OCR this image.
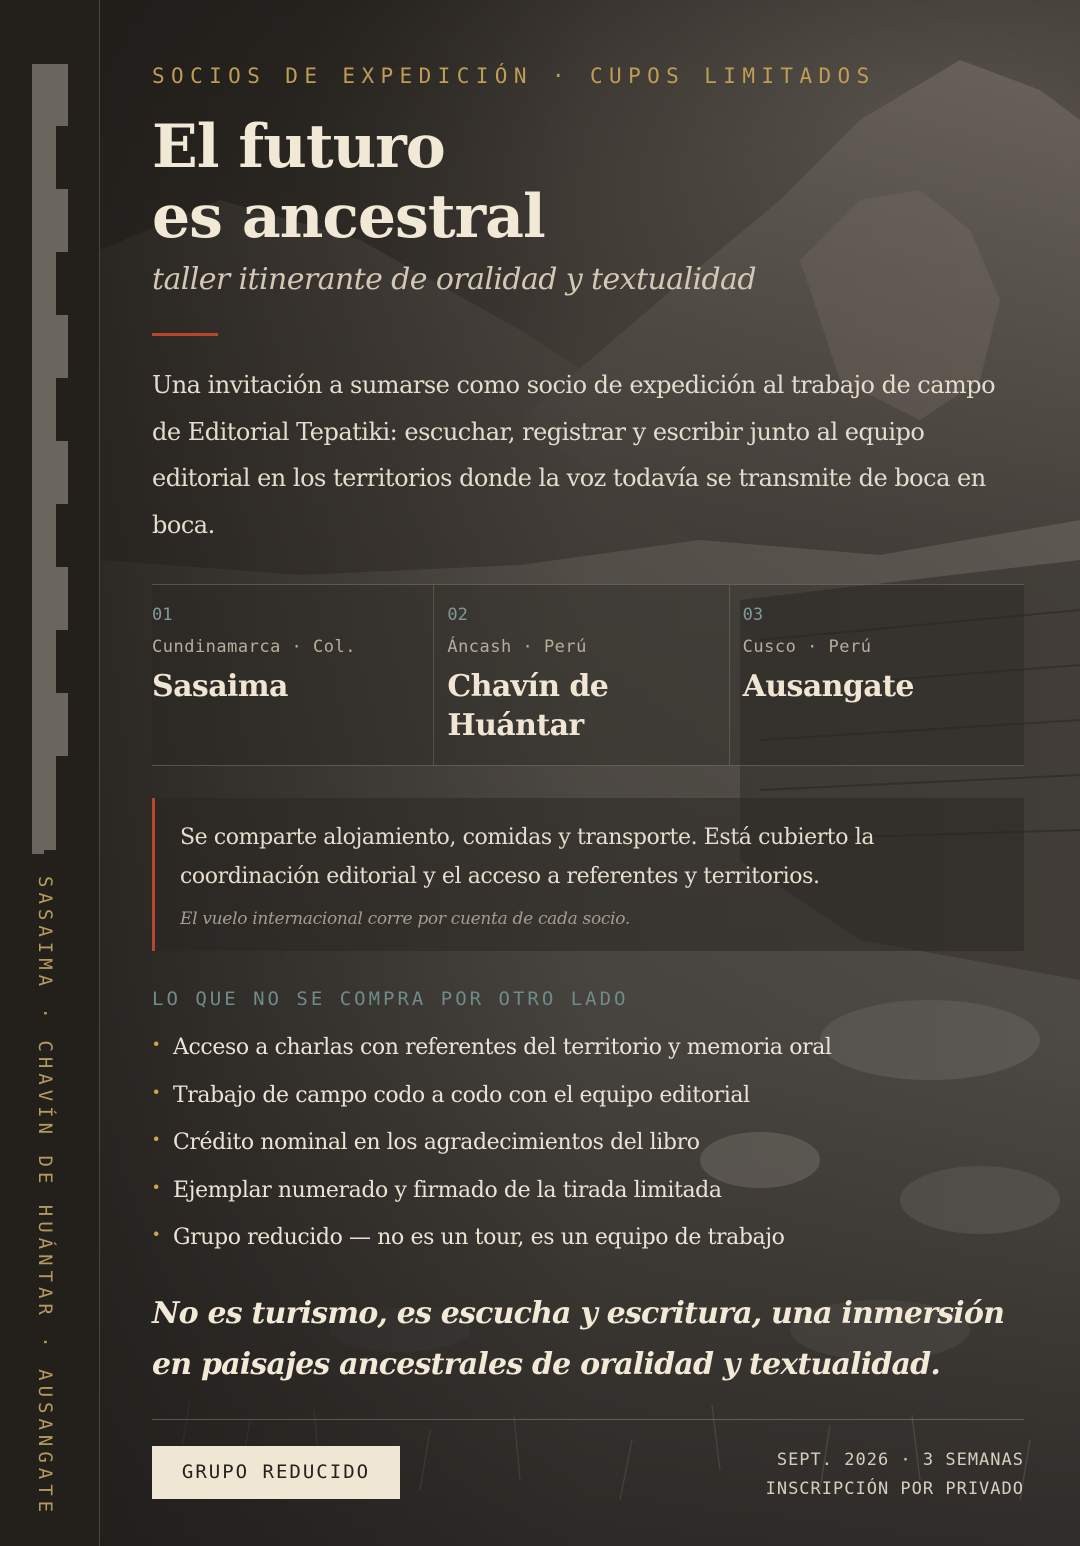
SASAIMA · CHAVÍN DE HUÁNTAR · AUSANGATE
SOCIOS DE EXPEDICIÓN · CUPOS LIMITADOS
El futuro
es ancestral
taller itinerante de oralidad y textualidad

Una invitación a sumarse como socio de expedición al trabajo de campo de Editorial Tepatiki: escuchar, registrar y escribir junto al equipo editorial en los territorios donde la voz todavía se transmite de boca en boca.

01
Cundinamarca · Col.
Sasaima
02
Áncash · Perú
Chavín de Huántar
03
Cusco · Perú
Ausangate

Se comparte alojamiento, comidas y transporte. Está cubierto la coordinación editorial y el acceso a referentes y territorios.

El vuelo internacional corre por cuenta de cada socio.
LO QUE NO SE COMPRA POR OTRO LADO
· Acceso a charlas con referentes del territorio y memoria oral
· Trabajo de campo codo a codo con el equipo editorial
· Crédito nominal en los agradecimientos del libro
· Ejemplar numerado y firmado de la tirada limitada
· Grupo reducido — no es un tour, es un equipo de trabajo

No es turismo, es escucha y escritura, una inmersión en paisajes ancestrales de oralidad y textualidad.

GRUPO REDUCIDO
SEPT. 2026 · 3 SEMANAS
INSCRIPCIÓN POR PRIVADO
